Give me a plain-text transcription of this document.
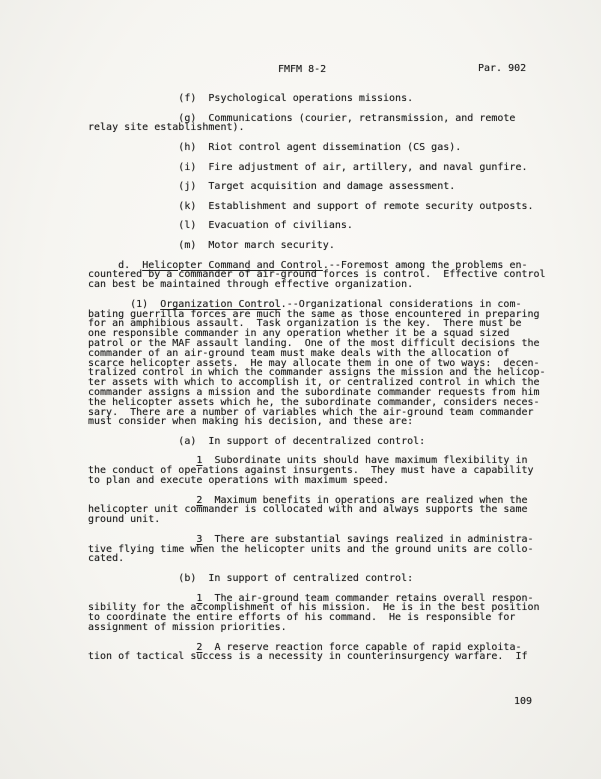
FMFM 8-2	Par. 902
(f)  Psychological operations missions.
(g)  Communications (courier, retransmission, and remote
relay site establishment).
(h)  Riot control agent dissemination (CS gas).
(i)  Fire adjustment of air, artillery, and naval gunfire.
(j)  Target acquisition and damage assessment.
(k)  Establishment and support of remote security outposts.
(l)  Evacuation of civilians.
(m)  Motor march security.
d.  Helicopter Command and Control.--Foremost among the problems en-
countered by a commander of air-ground forces is control.  Effective control
can best be maintained through effective organization.
(1)  Organization Control.--Organizational considerations in com-
bating guerrilla forces are much the same as those encountered in preparing
for an amphibious assault.  Task organization is the key.  There must be
one responsible commander in any operation whether it be a squad sized
patrol or the MAF assault landing.  One of the most difficult decisions the
commander of an air-ground team must make deals with the allocation of
scarce helicopter assets.  He may allocate them in one of two ways:  decen-
tralized control in which the commander assigns the mission and the helicop-
ter assets with which to accomplish it, or centralized control in which the
commander assigns a mission and the subordinate commander requests from him
the helicopter assets which he, the subordinate commander, considers neces-
sary.  There are a number of variables which the air-ground team commander
must consider when making his decision, and these are:
(a)  In support of decentralized control:
1  Subordinate units should have maximum flexibility in
the conduct of operations against insurgents.  They must have a capability
to plan and execute operations with maximum speed.
2  Maximum benefits in operations are realized when the
helicopter unit commander is collocated with and always supports the same
ground unit.
3  There are substantial savings realized in administra-
tive flying time when the helicopter units and the ground units are collo-
cated.
(b)  In support of centralized control:
1  The air-ground team commander retains overall respon-
sibility for the accomplishment of his mission.  He is in the best position
to coordinate the entire efforts of his command.  He is responsible for
assignment of mission priorities.
2  A reserve reaction force capable of rapid exploita-
tion of tactical success is a necessity in counterinsurgency warfare.  If
109
